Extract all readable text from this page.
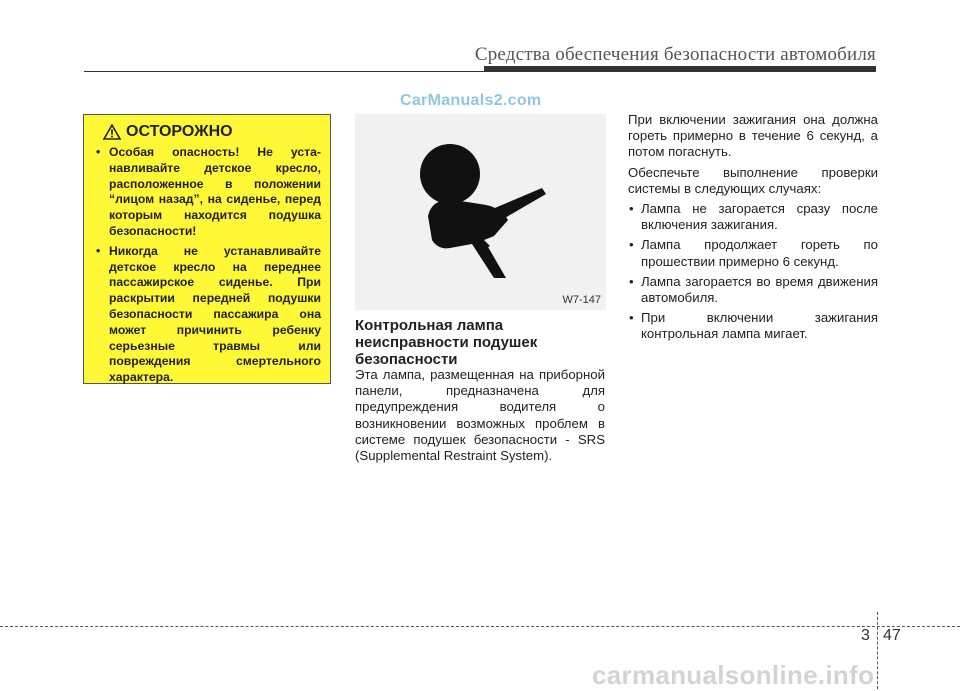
Средства обеспечения безопасности автомобиля
CarManuals2.com
ОСТОРОЖНО
• Особая опасность! Не уста-навливайте детское кресло, расположенное в положении “лицом назад”, на сиденье, перед которым находится подушка безопасности!
• Никогда не устанавливайте детское кресло на переднее пассажирское сиденье. При раскрытии передней подушки безопасности пассажира она может причинить ребенку серьезные травмы или повреждения смертельного характера.
W7-147
Контрольная лампа неисправности подушек безопасности

Эта лампа, размещенная на приборной панели, предназначена для предупреждения водителя о возникновении возможных проблем в системе подушек безопасности - SRS (Supplemental Restraint System).

При включении зажигания она должна гореть примерно в течение 6 секунд, а потом погаснуть.

Обеспечьте выполнение проверки системы в следующих случаях:

• Лампа не загорается сразу после включения зажигания.
• Лампа продолжает гореть по прошествии примерно 6 секунд.
• Лампа загорается во время движения автомобиля.
• При включении зажигания контрольная лампа мигает.
3 47
carmanualsonline.info
